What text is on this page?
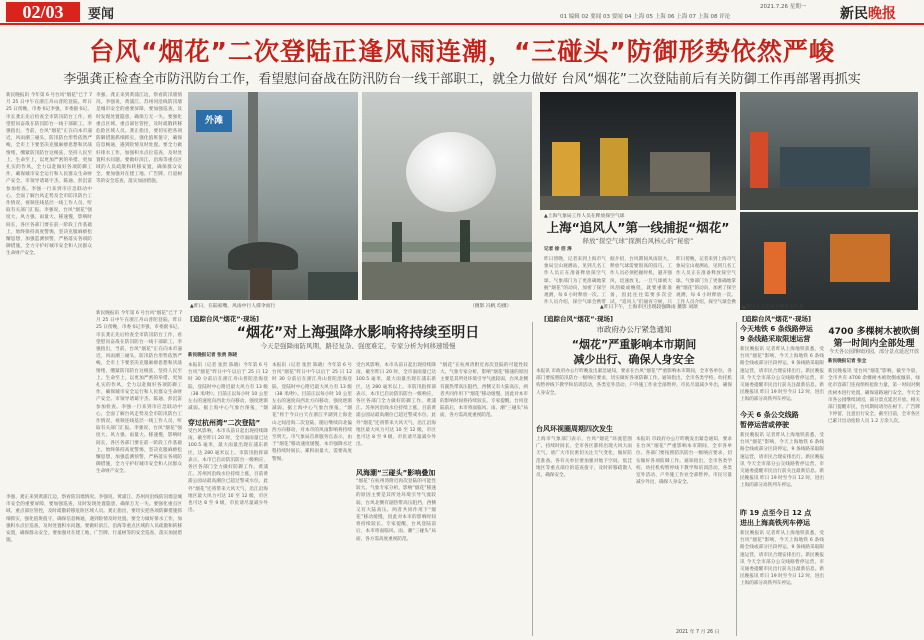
02/03	要闻	01 编辑 02 要闻 03 要闻 04 上海 05 上海 06 上海 07 上海 08 评论
2021.7.26 星期一 新民晚报
台风“烟花”二次登陆正逢风雨连潮，“三碰头”防御形势依然严峻
李强龚正检查全市防汛防台工作，看望慰问奋战在防汛防台一线干部职工，就全力做好 台风“烟花”二次登陆前后有关防御工作再部署再抓实

新民晚报讯 今年第 6 号台风“烟花”已于 7 月 25 日中午在浙江舟山普陀登陆。昨日 25 日傍晚，市委书记李强，市委副书记、市长龚正先后检查全市防汛防台工作，看望慰问奋战在防汛防台一线干部职工。李强指出，当前，台风“烟花”正在向本市逼近，风雨潮三碰头，防汛防台形势依然严峻，全市上下要坚决克服麻痹思想和厌战情绪，绷紧防汛防台这根弦，坚持人民至上、生命至上，以更加严密的举措、更加扎实的作风，全力以赴做好各项防御工作，确保城市安全运行和人民群众生命财产安全。市领导诸葛宇杰、陈通、彭沉雷参加检查。李强一行来到市应急联动中心，全面了解台风走势及全市防汛防台工作情况，视频连线基层一线工作人员，听取有关部门汇报。李强说，台风“烟花”强度大、风力强、雨量大、移速慢，影响时间长，各区各部门要在前一阶段工作基础上，始终保持高度警惕，坚决克服麻痹松懈思想，加强监测预警，严格落实各项防御措施，全力守护好城市安全和人民群众生命财产安全。

李强、龚正来到黄浦江边，察看防汛墙情况。李强说，黄浦江、苏州河沿线防汛墙是城市安全的重要屏障，要加强巡查，及时发现处置隐患，确保万无一失。要强化重点区域、重点部位管控，及时疏散转移危险区域人员。龚正指出，要切实把各项防御措施抓细抓实，强化值班值守，确保信息畅通，遇到险情及时处置。要全力做好排水工作，加强积水点位巡查，及时处置积水问题。要做好滨江、沿海等重点区域的人员疏散和转移安置，确保群众安全。要加强对在建工地、广告牌、行道树等的安全巡查，落实加固措施。

新民晚报讯 今年第 6 号台风“烟花”已于 7 月 25 日中午在浙江舟山普陀登陆。昨日 25 日傍晚，市委书记李强，市委副书记、市长龚正先后检查全市防汛防台工作，看望慰问奋战在防汛防台一线干部职工。李强指出，当前，台风“烟花”正在向本市逼近，风雨潮三碰头，防汛防台形势依然严峻，全市上下要坚决克服麻痹思想和厌战情绪，绷紧防汛防台这根弦，坚持人民至上、生命至上，以更加严密的举措、更加扎实的作风，全力以赴做好各项防御工作，确保城市安全运行和人民群众生命财产安全。市领导诸葛宇杰、陈通、彭沉雷参加检查。李强一行来到市应急联动中心，全面了解台风走势及全市防汛防台工作情况，视频连线基层一线工作人员，听取有关部门汇报。李强说，台风“烟花”强度大、风力强、雨量大、移速慢，影响时间长，各区各部门要在前一阶段工作基础上，始终保持高度警惕，坚决克服麻痹松懈思想，加强监测预警，严格落实各项防御措施，全力守护好城市安全和人民群众生命财产安全。

外滩
▲昨日，在陆家嘴，风雨中行人撑伞而行	（摄影 冯帆 均摄）
上海“追风人”第一线捕捉“烟花”
释放“探空气球”探测台风核心的“秘密”
记者 徐 佰 涛

昨日傍晚，记者来到上海市气象局宝山观测站，见到几名工作人员正在准备释放探空气球。气象部门为了更准确地掌握“烟花”的动向，加密了探空观测，每 6 小时释放一次。工作人员介绍，探空气球会携带

据介绍，台风期间风雨较大，释放气球需要很高的技巧。工作人员必须把握时机，避开强风，迅速放飞。一旦气球被大风刮破或缠绕，就要重新准备，因此往往需要多次尝试。“追风人”们通宵守候，只

昨日傍晚，记者来到上海市气象局宝山观测站，见到几名工作人员正在准备释放探空气球。气象部门为了更准确地掌握“烟花”的动向，加密了探空观测，每 6 小时释放一次。工作人员介绍，探空气球会携

▲上海气象局工作人员在释放探空气球
▲昨日下午，上海市区出现较强降雨 摄影 刘歆	▲防汛人员连夜开展排水作业
[追踪台风“烟花”·现场]	[追踪台风“烟花”·现场]
[追踪台风“烟花”·现场]
“烟花”对上海强降水影响将持续至明日
今天是强降雨防风期，路径复杂、强度难定，专家分析为何移速缓慢
新民晚报记者 张贵 陈晓

本报讯（记者 张贵 陈晓）今年第 6 号台风“烟花”昨日中午以后于 25 日 12 时 30 分前后在浙江舟山普陀沿海登陆，登陆时中心附近最大风力有 13 级（38 米/秒）。目前正以每小时 10 公里左右的速度向西北方向移动，强度逐渐减弱。据上海中心气象台预报，“烟

穿过杭州湾“二次登陆”

受台风影响，本市从前日起出现持续降雨，截至昨日 20 时，全市面雨量已达 100.5 毫米，最大雨量出现在浦东新区，达 280 毫米以上。市防汛指挥部表示，本市已启动防汛防台一级响应，各区各部门全力做好防御工作。黄浦江、苏州河沿线水位持续上涨，目前黄浦公园站最高潮位已超过警戒水位。此外“烟花”还将带来大风天气，沿江沿海地区最大风力可达 10 至 12 级，市区也可达 8 至 9 级，市民请尽量减少外出。

本报讯（记者 张贵 陈晓）今年第 6 号台风“烟花”昨日中午以后于 25 日 12 时 30 分前后在浙江舟山普陀沿海登陆，登陆时中心附近最大风力有 13 级（38 米/秒）。目前正以每小时 10 公里左右的速度向西北方向移动，强度逐渐减弱。据上海中心气象台预报，“烟花”将于今日白天在浙江平湖到上海金山之间沿海二次登陆，随后继续向北偏西方向移动，对本市的风雨影响将持续至明天。市气象局首席服务官表示，由于“烟花”移动速度缓慢，本市强降水过程持续时间长、累积雨量大，需要高度警惕。

受台风影响，本市从前日起出现持续降雨，截至昨日 20 时，全市面雨量已达 100.5 毫米，最大雨量出现在浦东新区，达 280 毫米以上。市防汛指挥部表示，本市已启动防汛防台一级响应，各区各部门全力做好防御工作。黄浦江、苏州河沿线水位持续上涨，目前黄浦公园站最高潮位已超过警戒水位。此外“烟花”还将带来大风天气，沿江沿海地区最大风力可达 10 至 12 级，市区也可达 8 至 9 级，市民请尽量减少外出。

风海潮“三碰头”影响叠加

“烟花”在杭州湾附近再次登陆的可能性较大。气象专家分析，影响“烟花”移速的原因主要是其所处环境引导气流较弱，台风北侧有副热带高压阻挡，西侧又有大陆高压，两者共同作用下“烟花”移动缓慢，因此对本市的影响时间将持续较长。专家提醒，台风登陆前后，本市将面临风、雨、潮“三碰头”局面，各方需高度重视防范。

“烟花”在杭州湾附近再次登陆的可能性较大。气象专家分析，影响“烟花”移速的原因主要是其所处环境引导气流较弱，台风北侧有副热带高压阻挡，西侧又有大陆高压，两者共同作用下“烟花”移动缓慢，因此对本市的影响时间将持续较长。专家提醒，台风登陆前后，本市将面临风、雨、潮“三碰头”局面，各方需高度重视防范。

李强、龚正来到黄浦江边，察看防汛墙情况。李强说，黄浦江、苏州河沿线防汛墙是城市安全的重要屏障，要加强巡查，及时发现处置隐患，确保万无一失。要强化重点区域、重点部位管控，及时疏散转移危险区域人员。龚正指出，要切实把各项防御措施抓细抓实，强化值班值守，确保信息畅通，遇到险情及时处置。要全力做好排水工作，加强积水点位巡查，及时处置积水问题。要做好滨江、沿海等重点区域的人员疏散和转移安置，确保群众安全。要加强对在建工地、广告牌、行道树等的安全巡查，落实加固措施。

市政府办公厅紧急通知
“烟花”严重影响本市期间
减少出行、确保人身安全

本报讯 市政府办公厅昨晚发出紧急通知，要求在台风“烟花”严重影响本市期间，全市各单位、各部门要按照防汛防台一级响应要求，切实做好各项防御工作。通知指出，全市各类学校、幼托机构暂停线下教学和培训活动，各类室外活动、户外施工作业全部暂停。市民尽量减少外出，确保人身安全。

台风环视圈周期四次发生

上海市气象部门表示，台风“烟花”环流范围广、持续时间长，全市各区都将出现大风大雨天气，请广大市民密切关注天气变化，做好防范准备。各有关单位要加强对地下空间、低洼地区等重点部位的巡查值守，及时转移疏散人员，确保安全。

本报讯 市政府办公厅昨晚发出紧急通知，要求在台风“烟花”严重影响本市期间，全市各单位、各部门要按照防汛防台一级响应要求，切实做好各项防御工作。通知指出，全市各类学校、幼托机构暂停线下教学和培训活动，各类室外活动、户外施工作业全部暂停。市民尽量减少外出，确保人身安全。

2021 年 7 月 26 日
今天地铁 6 条线路停运
9 条线路采取限速运营

新民晚报讯 记者昨从上海地铁获悉，受台风“烟花”影响，今天上海地铁 6 条线路全线或部分区段停运，9 条线路采取限速运营，请市民合理安排出行。新民晚报讯 今天全市部分公交线路暂停运营，市交通委提醒市民出行前关注最新信息。新民晚报讯 昨日 19 时至今日 12 时，进出上海的部分高铁列车停运。

今天 6 条公交线路
暂停运营或停驶

新民晚报讯 记者昨从上海地铁获悉，受台风“烟花”影响，今天上海地铁 6 条线路全线或部分区段停运，9 条线路采取限速运营，请市民合理安排出行。新民晚报讯 今天全市部分公交线路暂停运营，市交通委提醒市民出行前关注最新信息。新民晚报讯 昨日 19 时至今日 12 时，进出上海的部分高铁列车停运。

昨 19 点至今日 12 点
进出上海高铁列车停运

新民晚报讯 记者昨从上海地铁获悉，受台风“烟花”影响，今天上海地铁 6 条线路全线或部分区段停运，9 条线路采取限速运营，请市民合理安排出行。新民晚报讯 今天全市部分公交线路暂停运营，市交通委提醒市民出行前关注最新信息。新民晚报讯 昨日 19 时至今日 12 时，进出上海的部分高铁列车停运。

4700 多棵树木被吹倒
第一时间内全部处理
今天各公园继续闭园，部分景点延迟开放
新民晚报记者 张全

新民晚报讯 受台风“烟花”影响，截至今晨，全市共有 4700 余棵树木被吹倒或倾斜，绿化市容部门连夜组织抢险力量，第一时间对倒伏树木进行处置，确保道路通行安全。今天全市各公园继续闭园，部分景点延迟开放。相关部门提醒市民，台风期间请勿在树下、广告牌下停留，注意出行安全。截至目前，全市各区已累计出动抢险人员 1.2 万余人次。
